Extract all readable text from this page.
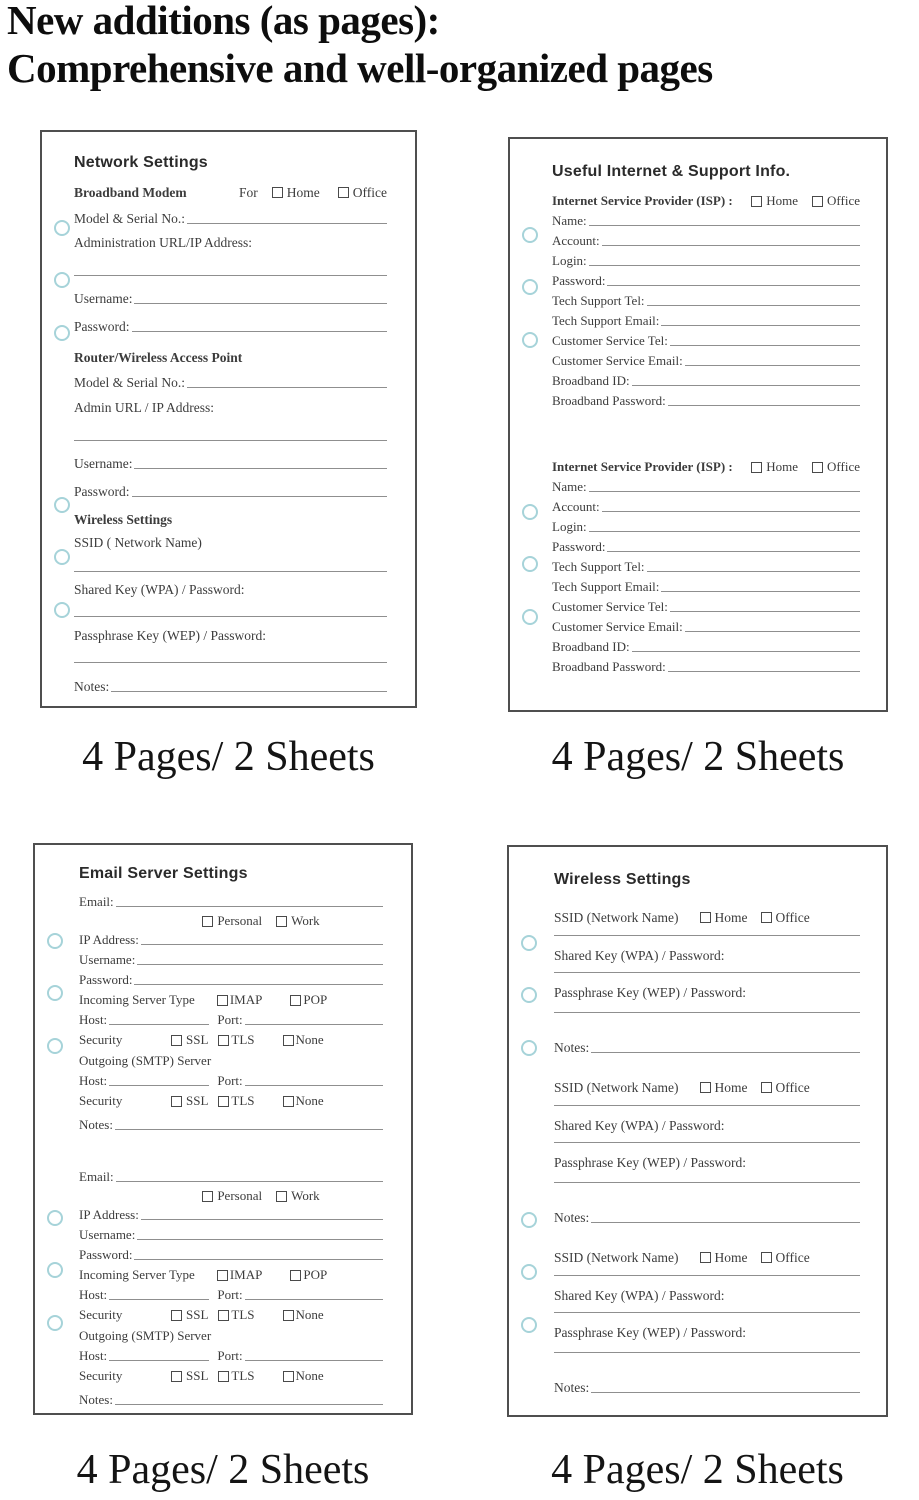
New additions (as pages):
Comprehensive and well-organized pages
Network Settings
Broadband Modem	For Home Office
Model & Serial No.:
Administration URL/IP Address:
Username:
Password:
Router/Wireless Access Point
Model & Serial No.:
Admin URL / IP Address:
Username:
Password:
Wireless Settings
SSID ( Network Name)
Shared Key (WPA) / Password:
Passphrase Key (WEP) / Password:
Notes:
Useful Internet & Support Info.
Internet Service Provider (ISP) :	Home Office
Name:
Account:
Login:
Password:
Tech Support Tel:
Tech Support Email:
Customer Service Tel:
Customer Service Email:
Broadband ID:
Broadband Password:
Internet Service Provider (ISP) :	Home Office
Name:
Account:
Login:
Password:
Tech Support Tel:
Tech Support Email:
Customer Service Tel:
Customer Service Email:
Broadband ID:
Broadband Password:
Email Server Settings
Email:
Personal Work
IP Address:
Username:
Password:
Incoming Server Type	IMAP	POP
Host:	Port:
Security	SSL TLS	None
Outgoing (SMTP) Server
Host:	Port:
Security	SSL TLS	None
Notes:
Email:
Personal Work
IP Address:
Username:
Password:
Incoming Server Type	IMAP	POP
Host:	Port:
Security	SSL TLS	None
Outgoing (SMTP) Server
Host:	Port:
Security	SSL TLS	None
Notes:
Wireless Settings
SSID (Network Name)	Home Office
Shared Key (WPA) / Password:
Passphrase Key (WEP) / Password:
Notes:
SSID (Network Name)	Home Office
Shared Key (WPA) / Password:
Passphrase Key (WEP) / Password:
Notes:
SSID (Network Name)	Home Office
Shared Key (WPA) / Password:
Passphrase Key (WEP) / Password:
Notes:
4 Pages/ 2 Sheets	4 Pages/ 2 Sheets
4 Pages/ 2 Sheets	4 Pages/ 2 Sheets
